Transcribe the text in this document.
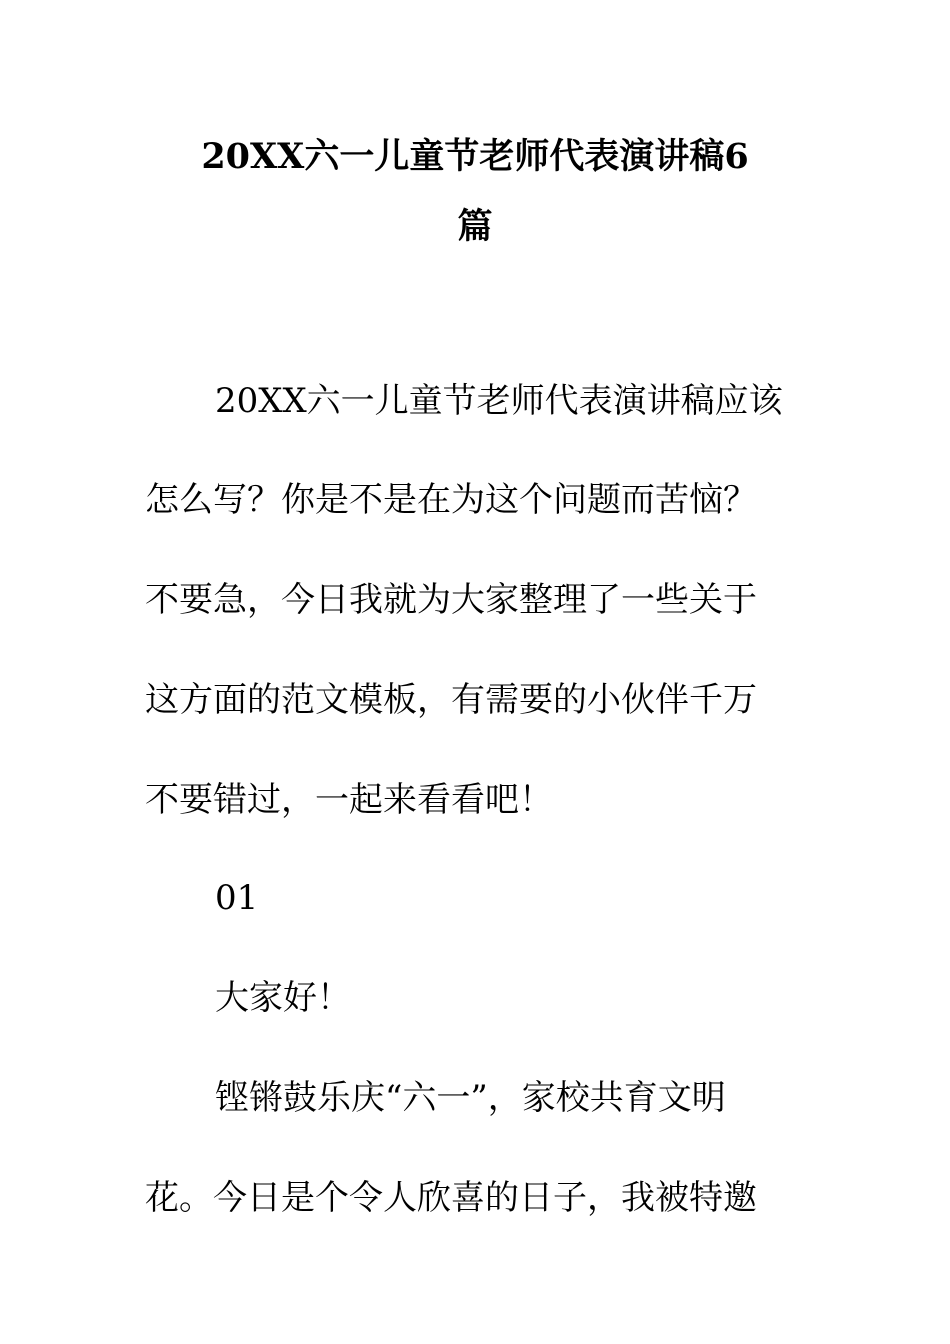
20XX六一儿童节老师代表演讲稿6
篇

20XX六一儿童节老师代表演讲稿应该

怎么写？你是不是在为这个问题而苦恼？

不要急，今日我就为大家整理了一些关于

这方面的范文模板，有需要的小伙伴千万

不要错过，一起来看看吧！

01

大家好！

铿锵鼓乐庆“六一”，家校共育文明

花。今日是个令人欣喜的日子，我被特邀
